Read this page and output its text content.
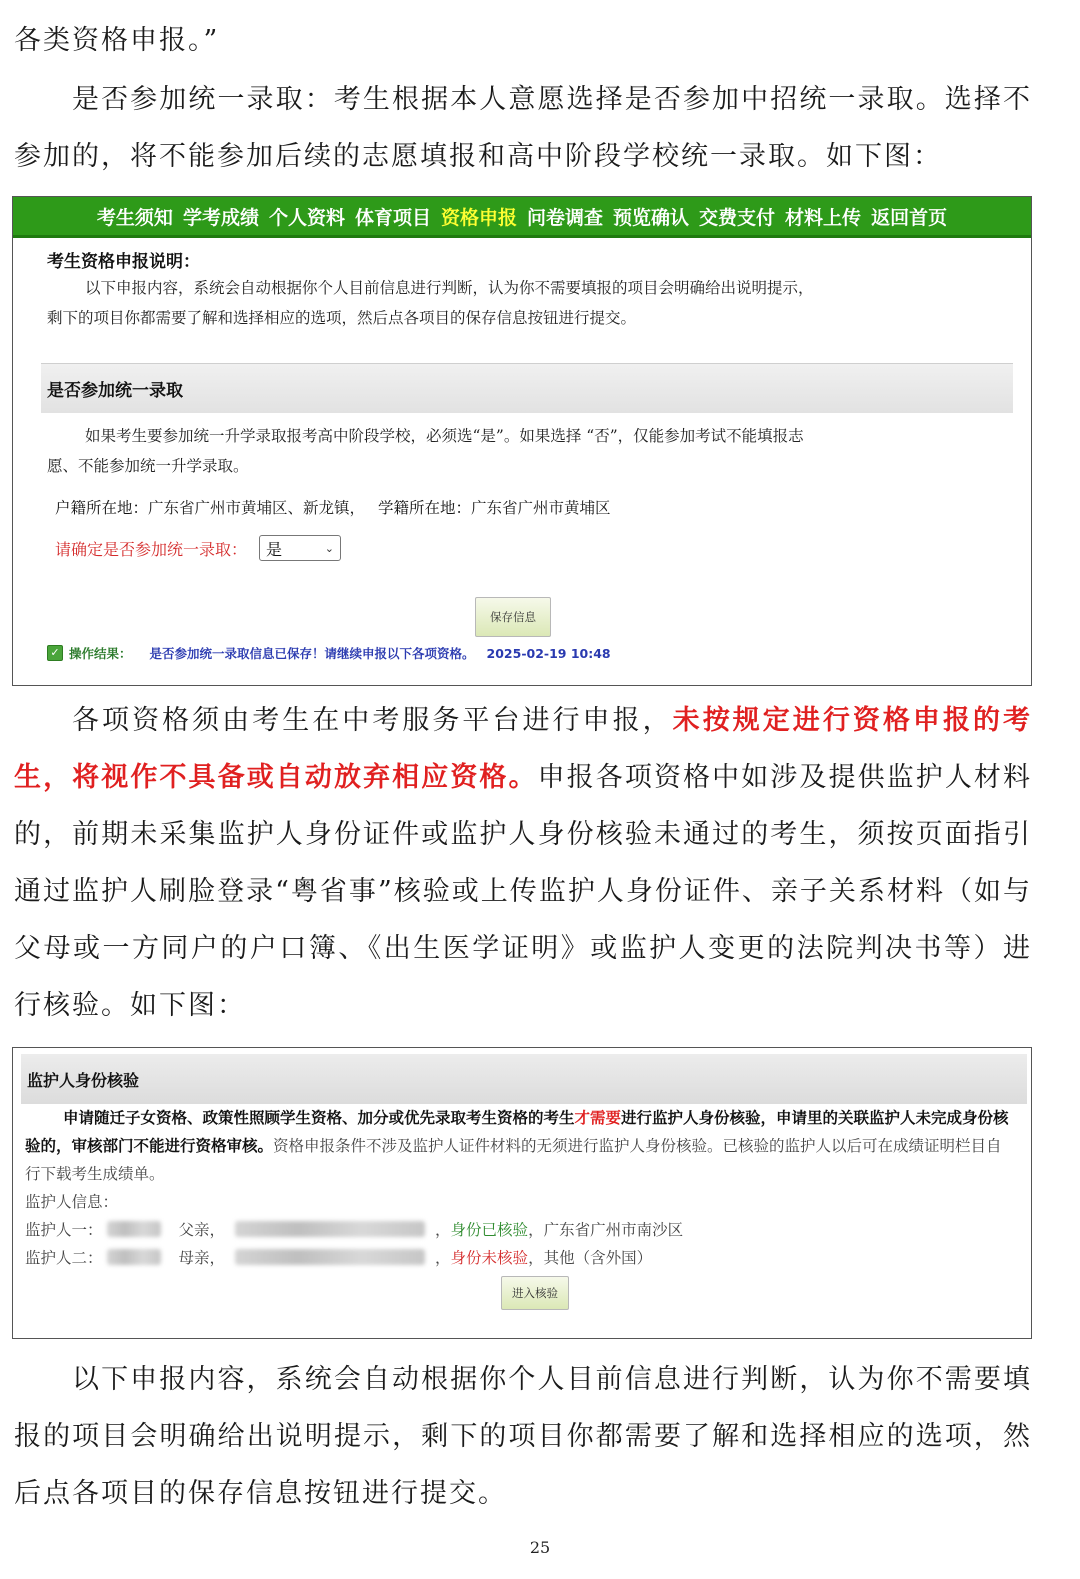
各类资格申报。”

是否参加统一录取：考生根据本人意愿选择是否参加中招统一录取。选择不参加的，将不能参加后续的志愿填报和高中阶段学校统一录取。如下图：

考生须知 学考成绩 个人资料 体育项目 资格申报 问卷调查 预览确认 交费支付 材料上传 返回首页
考生资格申报说明：
以下申报内容，系统会自动根据你个人目前信息进行判断，认为你不需要填报的项目会明确给出说明提示，
剩下的项目你都需要了解和选择相应的选项，然后点各项目的保存信息按钮进行提交。
是否参加统一录取
如果考生要参加统一升学录取报考高中阶段学校，必须选“是”。如果选择 “否”，仅能参加考试不能填报志
愿、不能参加统一升学录取。
户籍所在地：广东省广州市黄埔区、新龙镇， 学籍所在地：广东省广州市黄埔区
请确定是否参加统一录取： 是	⌄
保存信息
✓ 操作结果： 是否参加统一录取信息已保存！请继续申报以下各项资格。 2025-02-19 10:48

各项资格须由考生在中考服务平台进行申报，未按规定进行资格申报的考生，将视作不具备或自动放弃相应资格。申报各项资格中如涉及提供监护人材料的，前期未采集监护人身份证件或监护人身份核验未通过的考生，须按页面指引通过监护人刷脸登录“粤省事”核验或上传监护人身份证件、亲子关系材料（如与父母或一方同户的户口簿、《出生医学证明》或监护人变更的法院判决书等）进行核验。如下图：

监护人身份核验
申请随迁子女资格、政策性照顾学生资格、加分或优先录取考生资格的考生才需要进行监护人身份核验，申请里的关联监护人未完成身份核验的，审核部门不能进行资格审核。资格申报条件不涉及监护人证件材料的无须进行监护人身份核验。已核验的监护人以后可在成绩证明栏目自行下载考生成绩单。
监护人信息：
监护人一：	父亲，	， 身份已核验 ，广东省广州市南沙区
监护人二：	母亲，	， 身份未核验 ，其他（含外国）
进入核验

以下申报内容，系统会自动根据你个人目前信息进行判断，认为你不需要填报的项目会明确给出说明提示，剩下的项目你都需要了解和选择相应的选项，然后点各项目的保存信息按钮进行提交。

25
